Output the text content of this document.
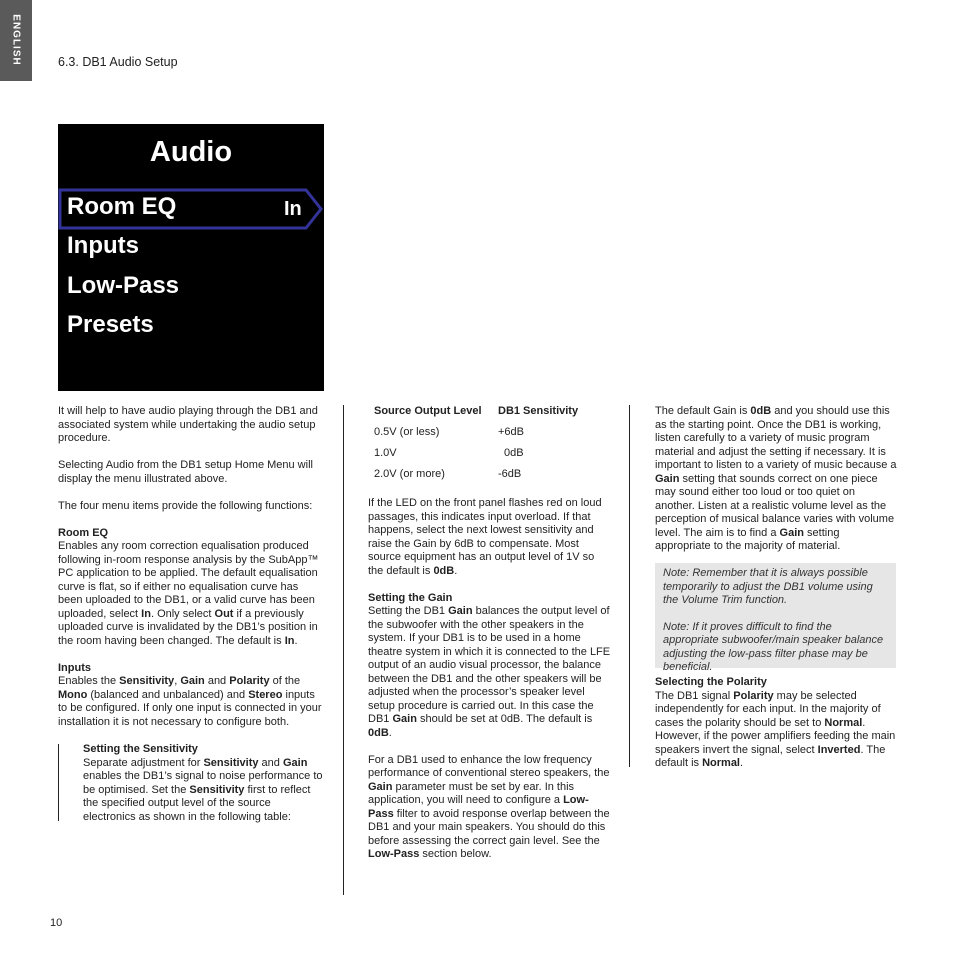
ENGLISH	6.3. DB1 Audio Setup
Audio
Room EQ	In
Inputs
Low-Pass
Presets

It will help to have audio playing through the DB1 and associated system while undertaking the audio setup procedure.

Selecting Audio from the DB1 setup Home Menu will display the menu illustrated above.

The four menu items provide the following functions:

Room EQ

Enables any room correction equalisation produced following in-room response analysis by the SubApp™ PC application to be applied. The default equalisation curve is flat, so if either no equalisation curve has been uploaded to the DB1, or a valid curve has been uploaded, select In. Only select Out if a previously uploaded curve is invalidated by the DB1’s position in the room having been changed. The default is In.

Inputs

Enables the Sensitivity, Gain and Polarity of the Mono (balanced and unbalanced) and Stereo inputs to be configured. If only one input is connected in your installation it is not necessary to configure both.

Setting the Sensitivity

Separate adjustment for Sensitivity and Gain enables the DB1’s signal to noise performance to be optimised. Set the Sensitivity first to reflect the specified output level of the source electronics as shown in the following table:

Source Output Level	DB1 Sensitivity
0.5V (or less)	+6dB
1.0V	0dB
2.0V (or more)	-6dB

If the LED on the front panel flashes red on loud passages, this indicates input overload. If that happens, select the next lowest sensitivity and raise the Gain by 6dB to compensate. Most source equipment has an output level of 1V so the default is 0dB.

Setting the Gain

Setting the DB1 Gain balances the output level of the subwoofer with the other speakers in the system. If your DB1 is to be used in a home theatre system in which it is connected to the LFE output of an audio visual processor, the balance between the DB1 and the other speakers will be adjusted when the processor’s speaker level setup procedure is carried out. In this case the DB1 Gain should be set at 0dB. The default is 0dB.

For a DB1 used to enhance the low frequency performance of conventional stereo speakers, the Gain parameter must be set by ear. In this application, you will need to configure a Low-Pass filter to avoid response overlap between the DB1 and your main speakers. You should do this before assessing the correct gain level. See the Low-Pass section below.

The default Gain is 0dB and you should use this as the starting point. Once the DB1 is working, listen carefully to a variety of music program material and adjust the setting if necessary. It is important to listen to a variety of music because a Gain setting that sounds correct on one piece may sound either too loud or too quiet on another. Listen at a realistic volume level as the perception of musical balance varies with volume level. The aim is to find a Gain setting appropriate to the majority of material.

Note: Remember that it is always possible temporarily to adjust the DB1 volume using the Volume Trim function.

Note: If it proves difficult to find the appropriate subwoofer/main speaker balance adjusting the low-pass filter phase may be beneficial.

Selecting the Polarity

The DB1 signal Polarity may be selected independently for each input. In the majority of cases the polarity should be set to Normal. However, if the power amplifiers feeding the main speakers invert the signal, select Inverted. The default is Normal.

10
